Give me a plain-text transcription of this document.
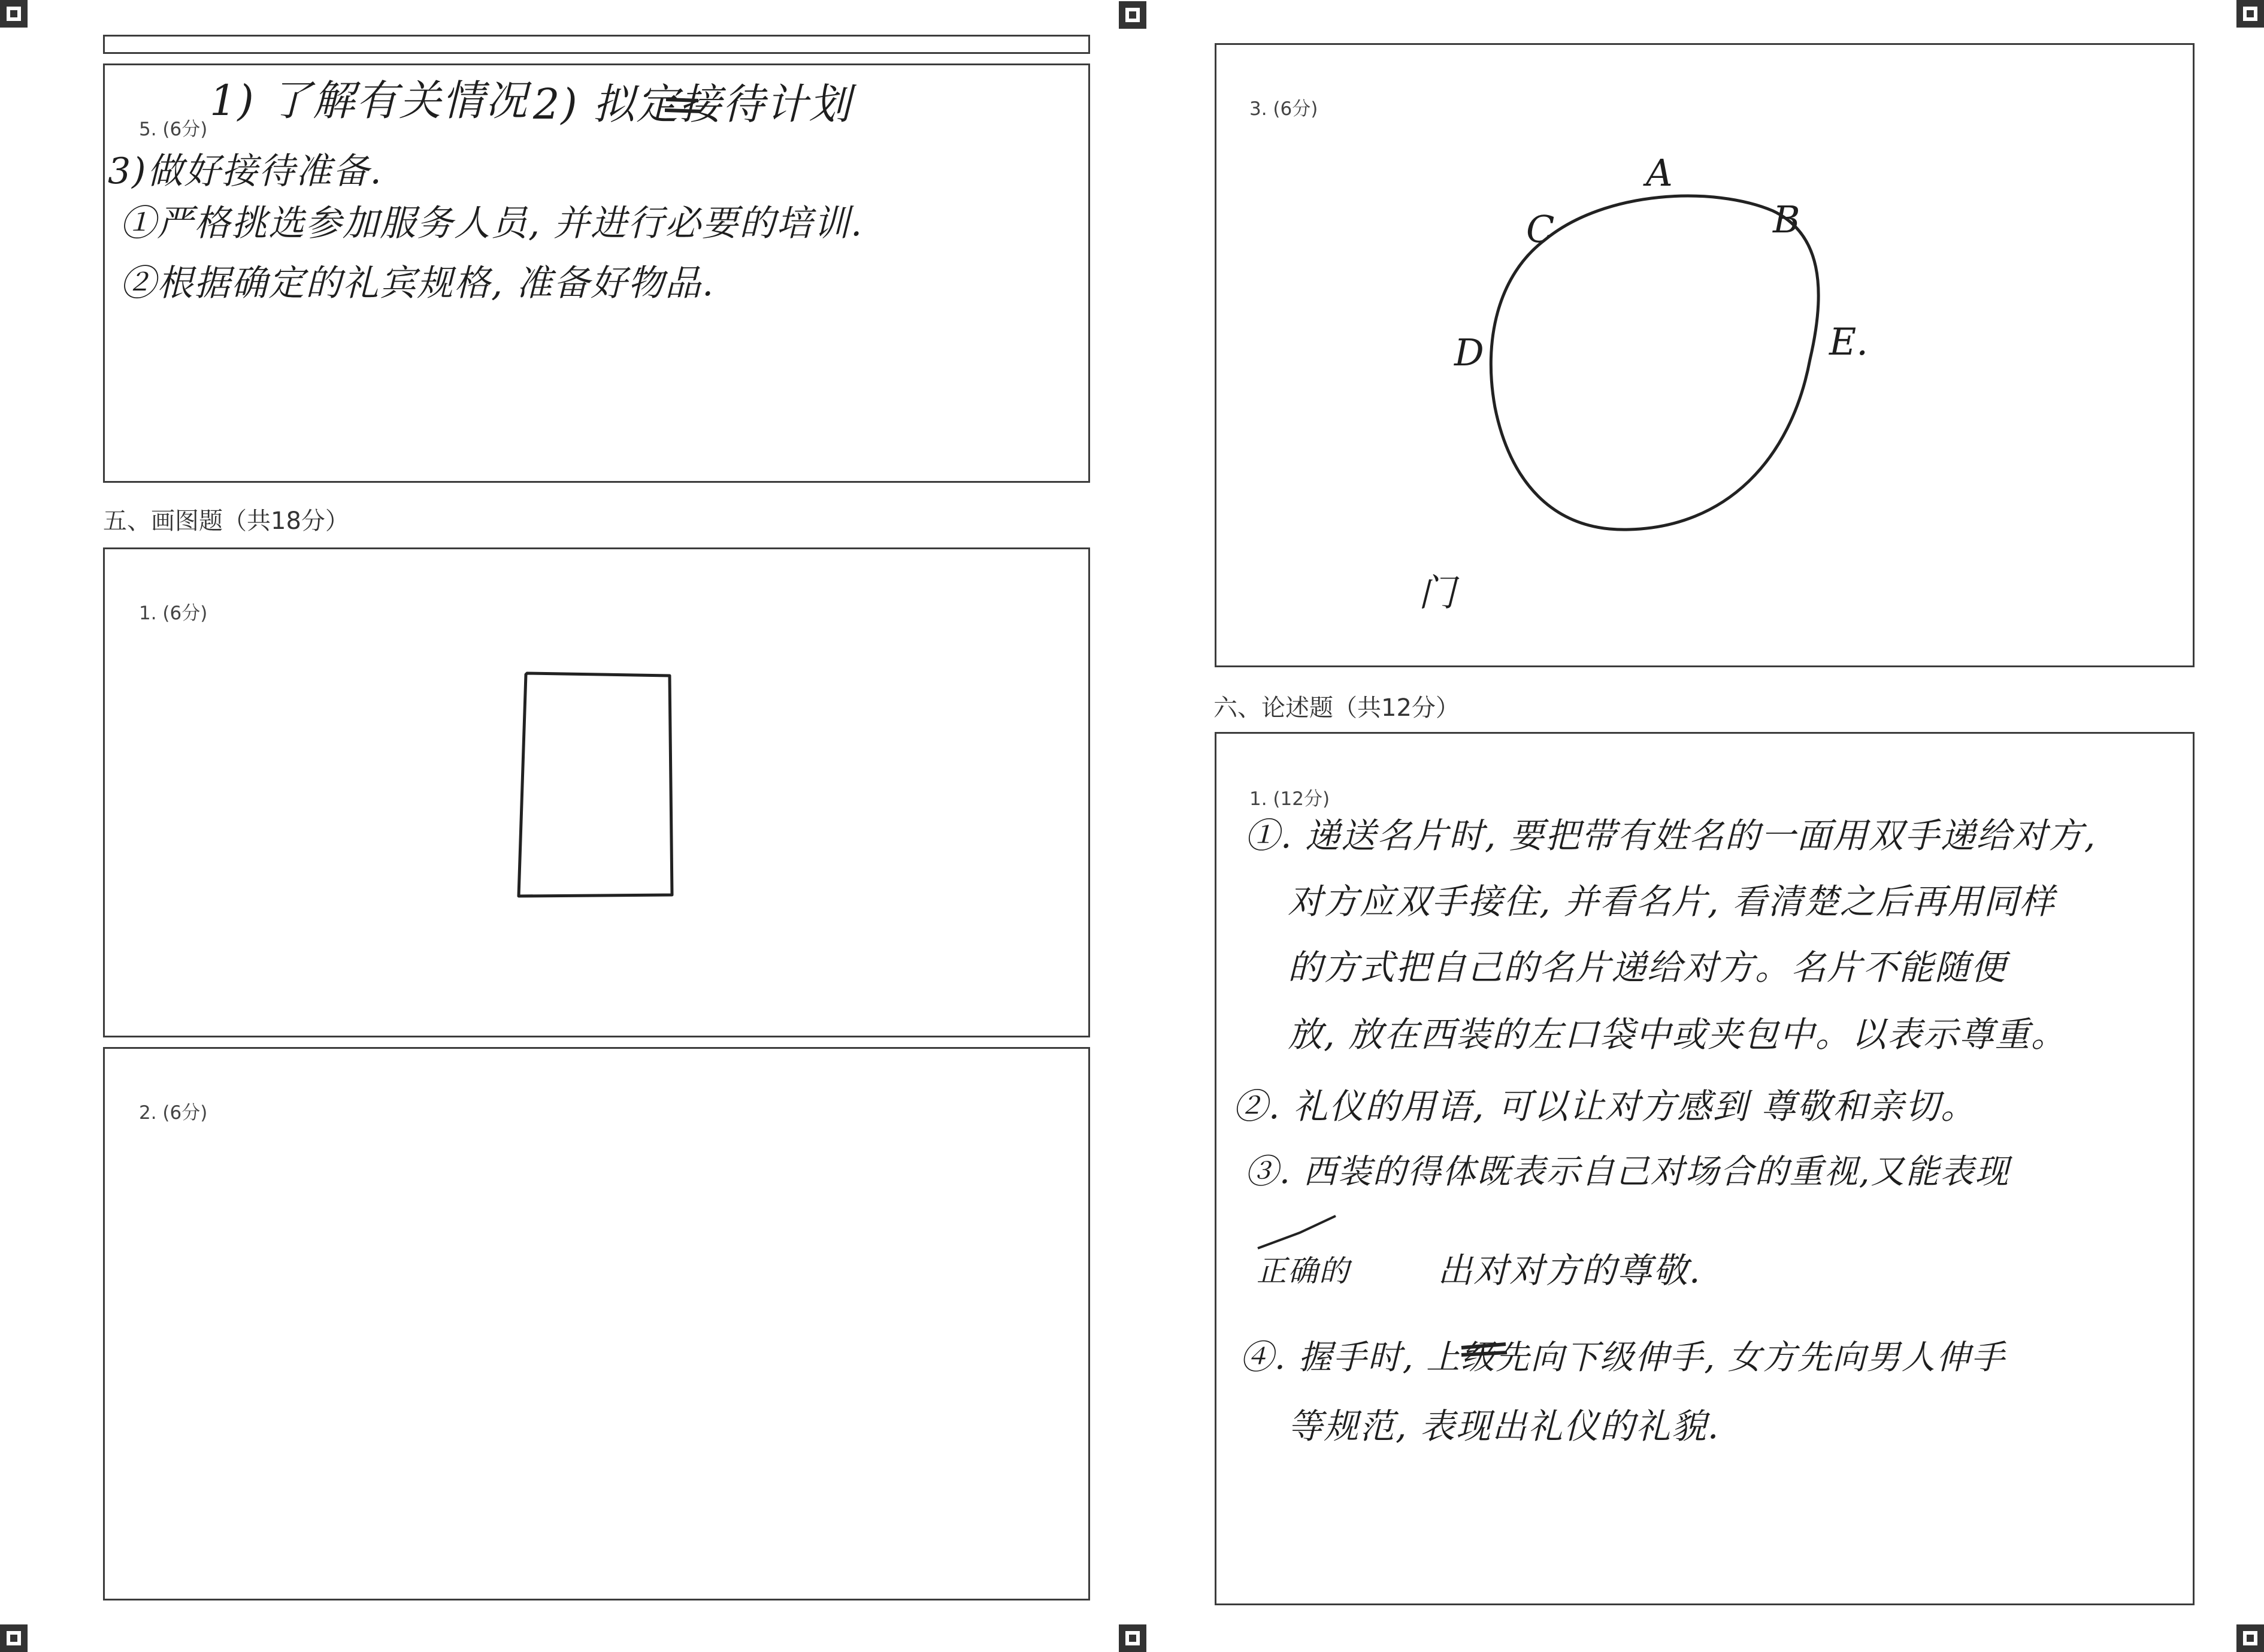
5. (6分)
1) 了解有关情况 2) 拟定接待计划
3)做好接待准备.
①严格挑选参加服务人员, 并进行必要的培训.
②根据确定的礼宾规格, 准备好物品.
五、画图题（共18分）
1. (6分)
2. (6分)
3. (6分)
A
B
C
D	E.
门
六、论述题（共12分）
1. (12分)
①. 递送名片时, 要把带有姓名的一面用双手递给对方,
对方应双手接住, 并看名片, 看清楚之后再用同样
的方式把自己的名片递给对方。名片不能随便
放, 放在西装的左口袋中或夹包中。以表示尊重。
②. 礼仪的用语, 可以让对方感到 尊敬和亲切。
③. 西装的得体既表示自己对场合的重视,又能表现
正确的	出对对方的尊敬.
④. 握手时, 上级先向下级伸手, 女方先向男人伸手
等规范, 表现出礼仪的礼貌.
